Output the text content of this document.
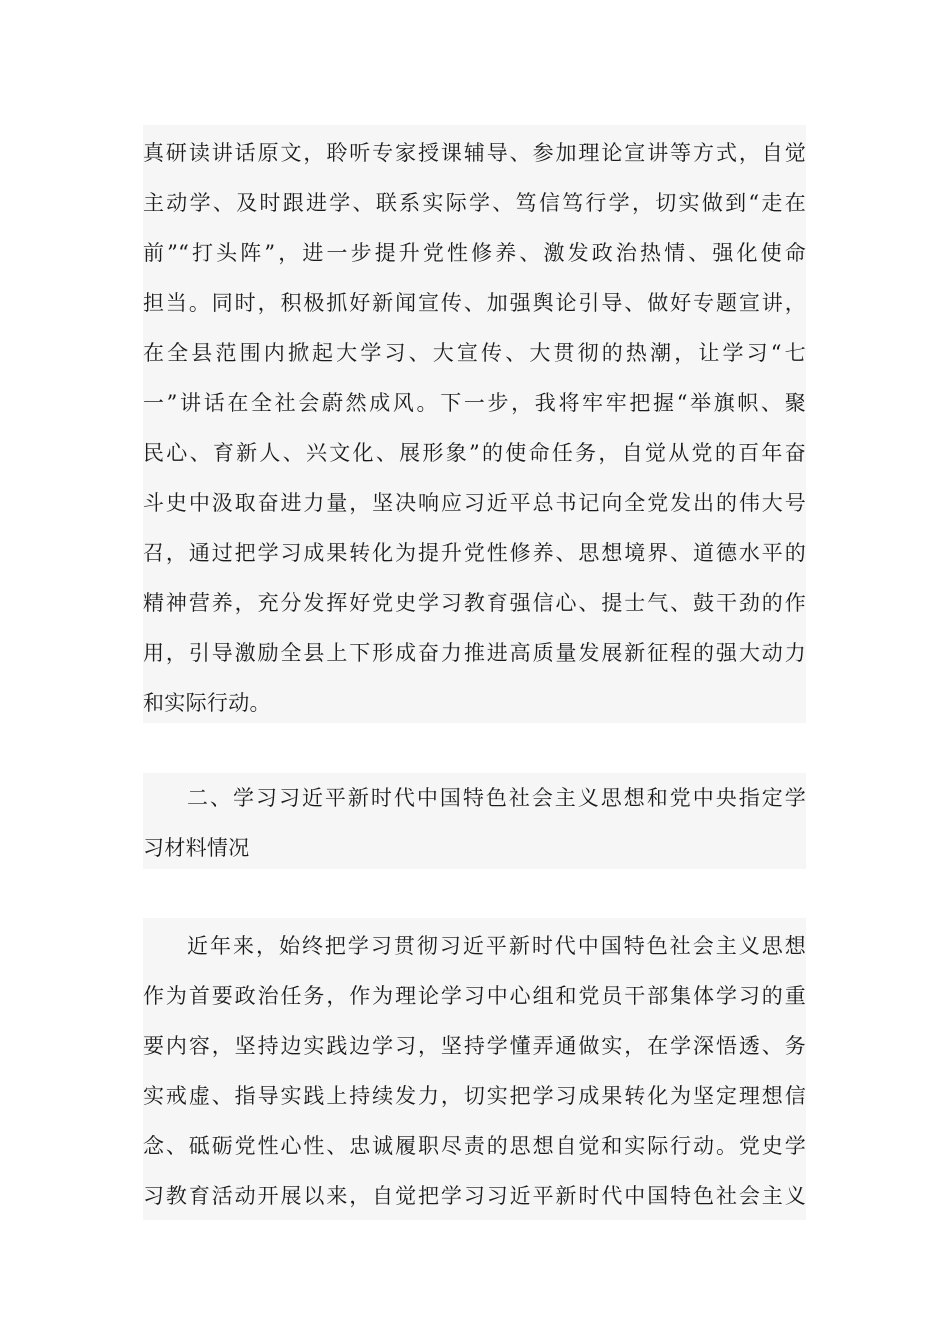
真研读讲话原文，聆听专家授课辅导、参加理论宣讲等方式，自觉
主动学、及时跟进学、联系实际学、笃信笃行学，切实做到“走在
前”“打头阵”，进一步提升党性修养、激发政治热情、强化使命
担当。同时，积极抓好新闻宣传、加强舆论引导、做好专题宣讲，
在全县范围内掀起大学习、大宣传、大贯彻的热潮，让学习“七
一”讲话在全社会蔚然成风。下一步，我将牢牢把握“举旗帜、聚
民心、育新人、兴文化、展形象”的使命任务，自觉从党的百年奋
斗史中汲取奋进力量，坚决响应习近平总书记向全党发出的伟大号
召，通过把学习成果转化为提升党性修养、思想境界、道德水平的
精神营养，充分发挥好党史学习教育强信心、提士气、鼓干劲的作
用，引导激励全县上下形成奋力推进高质量发展新征程的强大动力
和实际行动。
二、学习习近平新时代中国特色社会主义思想和党中央指定学
习材料情况
近年来，始终把学习贯彻习近平新时代中国特色社会主义思想
作为首要政治任务，作为理论学习中心组和党员干部集体学习的重
要内容，坚持边实践边学习，坚持学懂弄通做实，在学深悟透、务
实戒虚、指导实践上持续发力，切实把学习成果转化为坚定理想信
念、砥砺党性心性、忠诚履职尽责的思想自觉和实际行动。党史学
习教育活动开展以来，自觉把学习习近平新时代中国特色社会主义
